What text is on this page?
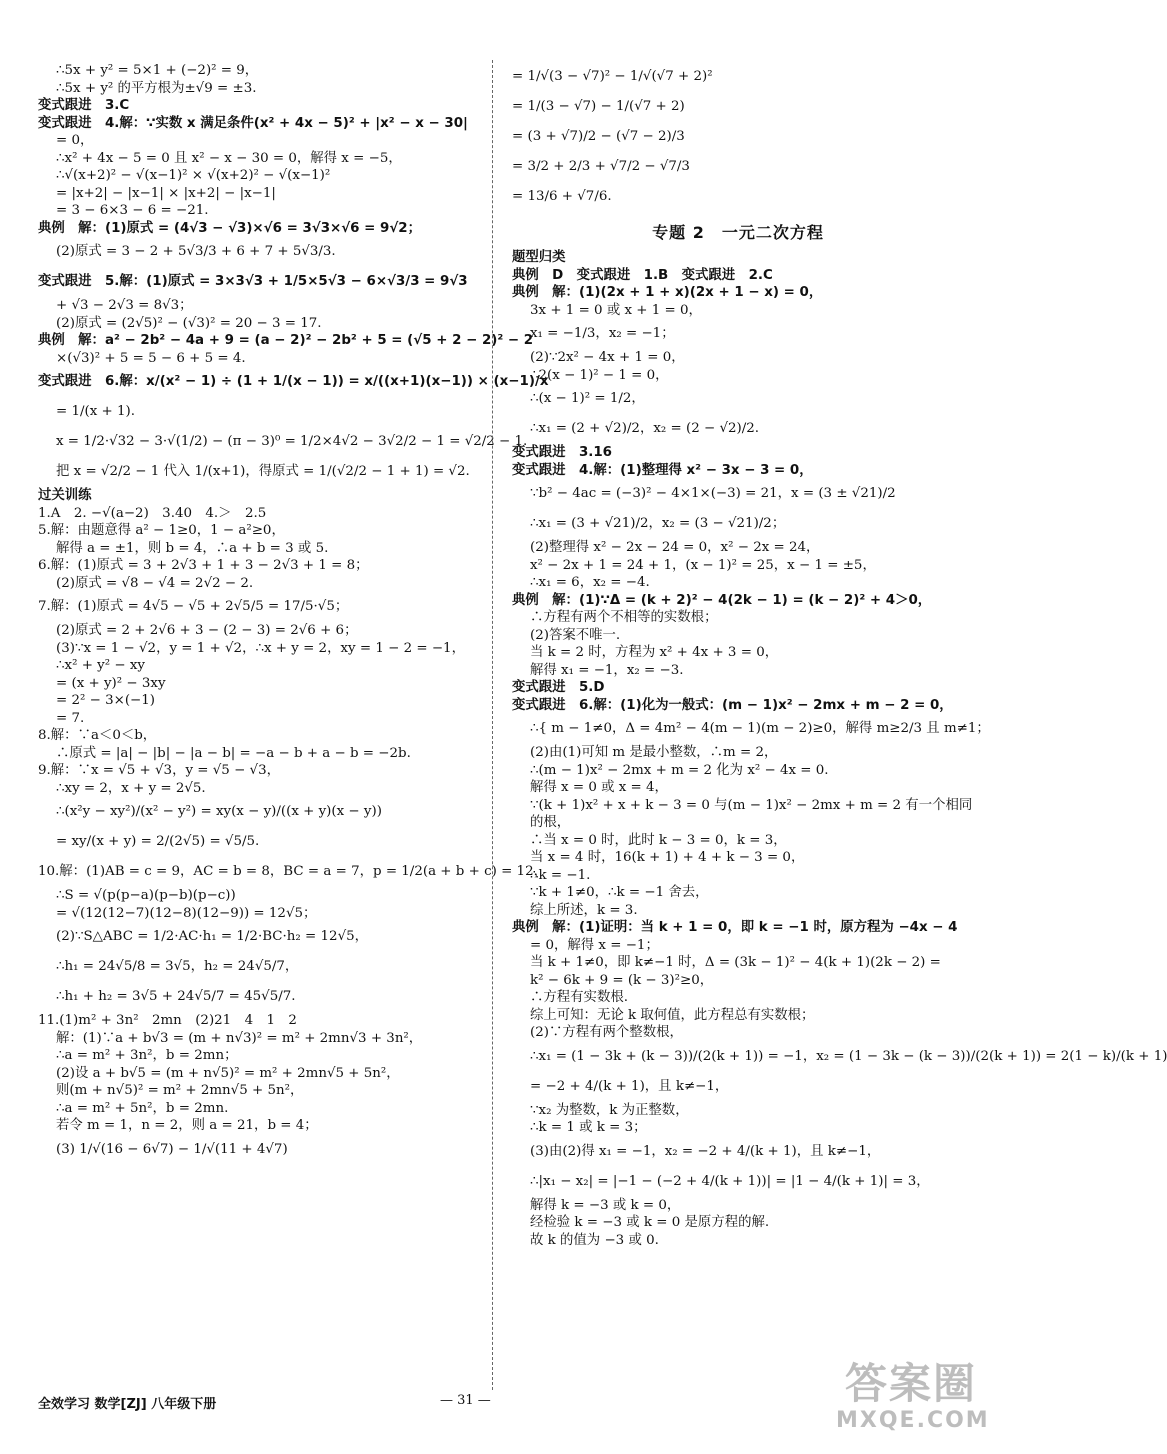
∴5x + y² = 5×1 + (−2)² = 9，
∴5x + y² 的平方根为±√9 = ±3.
变式跟进　3.C
变式跟进　4.解：∵实数 x 满足条件(x² + 4x − 5)² + |x² − x − 30|
= 0，
∴x² + 4x − 5 = 0 且 x² − x − 30 = 0，解得 x = −5，
∴√(x+2)² − √(x−1)² × √(x+2)² − √(x−1)²
= |x+2| − |x−1| × |x+2| − |x−1|
= 3 − 6×3 − 6 = −21.
典例　解：(1)原式 = (4√3 − √3)×√6 = 3√3×√6 = 9√2；
(2)原式 = 3 − 2 + 5√3/3 + 6 + 7 + 5√3/3.
变式跟进　5.解：(1)原式 = 3×3√3 + 1/5×5√3 − 6×√3/3 = 9√3
+ √3 − 2√3 = 8√3；
(2)原式 = (2√5)² − (√3)² = 20 − 3 = 17.
典例　解：a² − 2b² − 4a + 9 = (a − 2)² − 2b² + 5 = (√5 + 2 − 2)² − 2
×(√3)² + 5 = 5 − 6 + 5 = 4.
变式跟进　6.解：x/(x² − 1) ÷ (1 + 1/(x − 1)) = x/((x+1)(x−1)) × (x−1)/x
= 1/(x + 1).
x = 1/2·√32 − 3·√(1/2) − (π − 3)⁰ = 1/2×4√2 − 3√2/2 − 1 = √2/2 − 1.
把 x = √2/2 − 1 代入 1/(x+1)，得原式 = 1/(√2/2 − 1 + 1) = √2.
过关训练
1.A　2. −√(a−2)　3.40　4.＞　2.5
5.解：由题意得 a² − 1≥0，1 − a²≥0，
解得 a = ±1，则 b = 4，∴a + b = 3 或 5.
6.解：(1)原式 = 3 + 2√3 + 1 + 3 − 2√3 + 1 = 8；
(2)原式 = √8 − √4 = 2√2 − 2.
7.解：(1)原式 = 4√5 − √5 + 2√5/5 = 17/5·√5；
(2)原式 = 2 + 2√6 + 3 − (2 − 3) = 2√6 + 6；
(3)∵x = 1 − √2，y = 1 + √2，∴x + y = 2，xy = 1 − 2 = −1，
∴x² + y² − xy
= (x + y)² − 3xy
= 2² − 3×(−1)
= 7.
8.解：∵a＜0＜b，
∴原式 = |a| − |b| − |a − b| = −a − b + a − b = −2b.
9.解：∵x = √5 + √3，y = √5 − √3，
∴xy = 2，x + y = 2√5.
∴(x²y − xy²)/(x² − y²) = xy(x − y)/((x + y)(x − y))
= xy/(x + y) = 2/(2√5) = √5/5.
10.解：(1)AB = c = 9，AC = b = 8，BC = a = 7，p = 1/2(a + b + c) = 12，
∴S = √(p(p−a)(p−b)(p−c))
= √(12(12−7)(12−8)(12−9)) = 12√5；
(2)∵S△ABC = 1/2·AC·h₁ = 1/2·BC·h₂ = 12√5，
∴h₁ = 24√5/8 = 3√5，h₂ = 24√5/7，
∴h₁ + h₂ = 3√5 + 24√5/7 = 45√5/7.
11.(1)m² + 3n²　2mn　(2)21　4　1　2
解：(1)∵a + b√3 = (m + n√3)² = m² + 2mn√3 + 3n²，
∴a = m² + 3n²，b = 2mn；
(2)设 a + b√5 = (m + n√5)² = m² + 2mn√5 + 5n²，
则(m + n√5)² = m² + 2mn√5 + 5n²，
∴a = m² + 5n²，b = 2mn.
若令 m = 1，n = 2，则 a = 21，b = 4；
(3) 1/√(16 − 6√7) − 1/√(11 + 4√7)
= 1/√(3 − √7)² − 1/√(√7 + 2)²
= 1/(3 − √7) − 1/(√7 + 2)
= (3 + √7)/2 − (√7 − 2)/3
= 3/2 + 2/3 + √7/2 − √7/3
= 13/6 + √7/6.
专题 2　一元二次方程
题型归类
典例　D　变式跟进　1.B　变式跟进　2.C
典例　解：(1)(2x + 1 + x)(2x + 1 − x) = 0，
3x + 1 = 0 或 x + 1 = 0，
x₁ = −1/3，x₂ = −1；
(2)∵2x² − 4x + 1 = 0，
∴2(x − 1)² − 1 = 0，
∴(x − 1)² = 1/2，
∴x₁ = (2 + √2)/2，x₂ = (2 − √2)/2.
变式跟进　3.16
变式跟进　4.解：(1)整理得 x² − 3x − 3 = 0，
∵b² − 4ac = (−3)² − 4×1×(−3) = 21，x = (3 ± √21)/2
∴x₁ = (3 + √21)/2，x₂ = (3 − √21)/2；
(2)整理得 x² − 2x − 24 = 0，x² − 2x = 24，
x² − 2x + 1 = 24 + 1，(x − 1)² = 25，x − 1 = ±5，
∴x₁ = 6，x₂ = −4.
典例　解：(1)∵Δ = (k + 2)² − 4(2k − 1) = (k − 2)² + 4＞0，
∴方程有两个不相等的实数根；
(2)答案不唯一.
当 k = 2 时，方程为 x² + 4x + 3 = 0，
解得 x₁ = −1，x₂ = −3.
变式跟进　5.D
变式跟进　6.解：(1)化为一般式：(m − 1)x² − 2mx + m − 2 = 0，
∴{ m − 1≠0，Δ = 4m² − 4(m − 1)(m − 2)≥0，解得 m≥2/3 且 m≠1；
(2)由(1)可知 m 是最小整数，∴m = 2，
∴(m − 1)x² − 2mx + m = 2 化为 x² − 4x = 0.
解得 x = 0 或 x = 4，
∵(k + 1)x² + x + k − 3 = 0 与(m − 1)x² − 2mx + m = 2 有一个相同
的根，
∴当 x = 0 时，此时 k − 3 = 0，k = 3，
当 x = 4 时，16(k + 1) + 4 + k − 3 = 0，
∴k = −1.
∵k + 1≠0，∴k = −1 舍去，
综上所述，k = 3.
典例　解：(1)证明：当 k + 1 = 0，即 k = −1 时，原方程为 −4x − 4
= 0，解得 x = −1；
当 k + 1≠0，即 k≠−1 时，Δ = (3k − 1)² − 4(k + 1)(2k − 2) =
k² − 6k + 9 = (k − 3)²≥0，
∴方程有实数根.
综上可知：无论 k 取何值，此方程总有实数根；
(2)∵方程有两个整数根，
∴x₁ = (1 − 3k + (k − 3))/(2(k + 1)) = −1，x₂ = (1 − 3k − (k − 3))/(2(k + 1)) = 2(1 − k)/(k + 1)
= −2 + 4/(k + 1)，且 k≠−1，
∵x₂ 为整数，k 为正整数，
∴k = 1 或 k = 3；
(3)由(2)得 x₁ = −1，x₂ = −2 + 4/(k + 1)，且 k≠−1，
∴|x₁ − x₂| = |−1 − (−2 + 4/(k + 1))| = |1 − 4/(k + 1)| = 3，
解得 k = −3 或 k = 0，
经检验 k = −3 或 k = 0 是原方程的解.
故 k 的值为 −3 或 0.
全效学习 数学[ZJ] 八年级下册	— 31 —	答案圈
MXQE.COM
